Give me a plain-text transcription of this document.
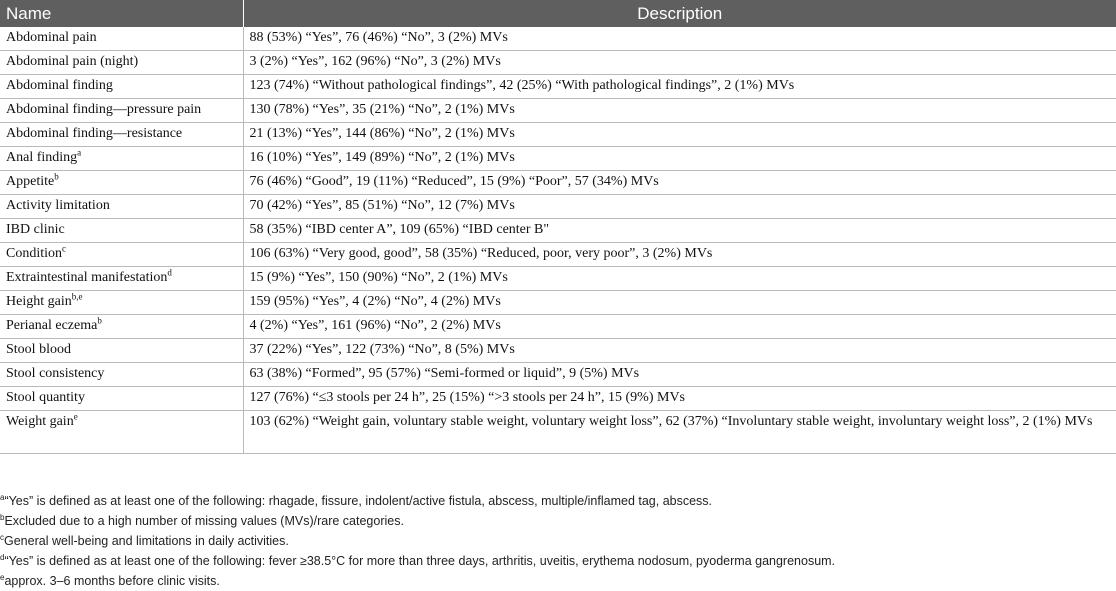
Name	Description
Abdominal pain	88 (53%) “Yes”, 76 (46%) “No”, 3 (2%) MVs
Abdominal pain (night)	3 (2%) “Yes”, 162 (96%) “No”, 3 (2%) MVs
Abdominal finding	123 (74%) “Without pathological findings”, 42 (25%) “With pathological findings”, 2 (1%) MVs
Abdominal finding—pressure pain	130 (78%) “Yes”, 35 (21%) “No”, 2 (1%) MVs
Abdominal finding—resistance	21 (13%) “Yes”, 144 (86%) “No”, 2 (1%) MVs
Anal finding$^a$	16 (10%) “Yes”, 149 (89%) “No”, 2 (1%) MVs
Appetite$^b$	76 (46%) “Good”, 19 (11%) “Reduced”, 15 (9%) “Poor”, 57 (34%) MVs
Activity limitation	70 (42%) “Yes”, 85 (51%) “No”, 12 (7%) MVs
IBD clinic	58 (35%) “IBD center A”, 109 (65%) “IBD center B"
Condition$^c$	106 (63%) “Very good, good”, 58 (35%) “Reduced, poor, very poor”, 3 (2%) MVs
Extraintestinal manifestation$^d$	15 (9%) “Yes”, 150 (90%) “No”, 2 (1%) MVs
Height gain$^{b,e}$	159 (95%) “Yes”, 4 (2%) “No”, 4 (2%) MVs
Perianal eczema$^b$	4 (2%) “Yes”, 161 (96%) “No”, 2 (2%) MVs
Stool blood	37 (22%) “Yes”, 122 (73%) “No”, 8 (5%) MVs
Stool consistency	63 (38%) “Formed”, 95 (57%) “Semi-formed or liquid”, 9 (5%) MVs
Stool quantity	127 (76%) “≤3 stools per 24 h”, 25 (15%) “>3 stools per 24 h”, 15 (9%) MVs
Weight gain$^e$	103 (62%) “Weight gain, voluntary stable weight, voluntary weight loss”, 62 (37%) “Involuntary stable weight, involuntary weight loss”, 2 (1%) MVs
$^a$“Yes” is defined as at least one of the following: rhagade, fissure, indolent/active fistula, abscess, multiple/inflamed tag, abscess.
$^b$Excluded due to a high number of missing values (MVs)/rare categories.
$^c$General well-being and limitations in daily activities.
$^d$“Yes” is defined as at least one of the following: fever ≥38.5°C for more than three days, arthritis, uveitis, erythema nodosum, pyoderma gangrenosum.
$^e$approx. 3–6 months before clinic visits.
